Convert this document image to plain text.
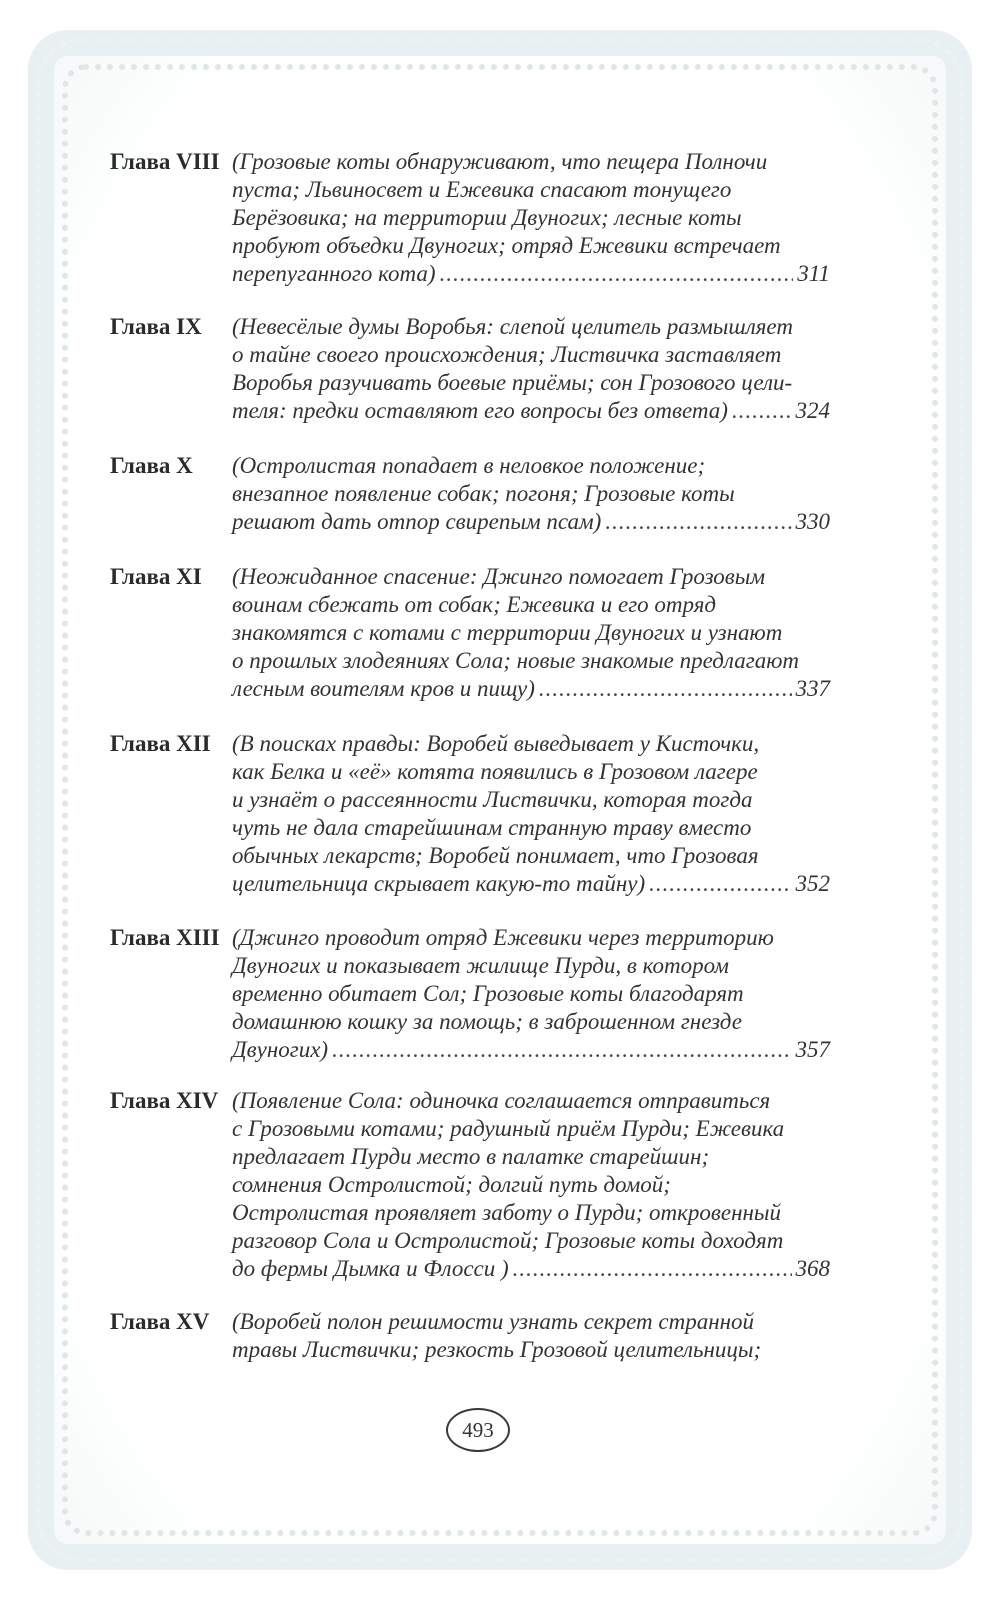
Глава VIII (Грозовые коты обнаруживают, что пещера Полночи
пуста; Львиносвет и Ежевика спасают тонущего
Берёзовика; на территории Двуногих; лесные коты
пробуют объедки Двуногих; отряд Ежевики встречает
перепуганного кота) .....	311
Глава IX (Невесёлые думы Воробья: слепой целитель размышляет
о тайне своего происхождения; Листвичка заставляет
Воробья разучивать боевые приёмы; сон Грозового цели-
теля: предки оставляют его вопросы без ответа) .....	324
Глава X (Остролистая попадает в неловкое положение;
внезапное появление собак; погоня; Грозовые коты
решают дать отпор свирепым псам) .....	330
Глава XI (Неожиданное спасение: Джинго помогает Грозовым
воинам сбежать от собак; Ежевика и его отряд
знакомятся с котами с территории Двуногих и узнают
о прошлых злодеяниях Сола; новые знакомые предлагают
лесным воителям кров и пищу) .....	337
Глава XII (В поисках правды: Воробей выведывает у Кисточки,
как Белка и «её» котята появились в Грозовом лагере
и узнаёт о рассеянности Листвички, которая тогда
чуть не дала старейшинам странную траву вместо
обычных лекарств; Воробей понимает, что Грозовая
целительница скрывает какую-то тайну) .....	352
Глава XIII (Джинго проводит отряд Ежевики через территорию
Двуногих и показывает жилище Пурди, в котором
временно обитает Сол; Грозовые коты благодарят
домашнюю кошку за помощь; в заброшенном гнезде
Двуногих) .....	357
Глава XIV (Появление Сола: одиночка соглашается отправиться
с Грозовыми котами; радушный приём Пурди; Ежевика
предлагает Пурди место в палатке старейшин;
сомнения Остролистой; долгий путь домой;
Остролистая проявляет заботу о Пурди; откровенный
разговор Сола и Остролистой; Грозовые коты доходят
до фермы Дымка и Флосси ) .....	368
Глава XV (Воробей полон решимости узнать секрет странной
травы Листвички; резкость Грозовой целительницы;
493
